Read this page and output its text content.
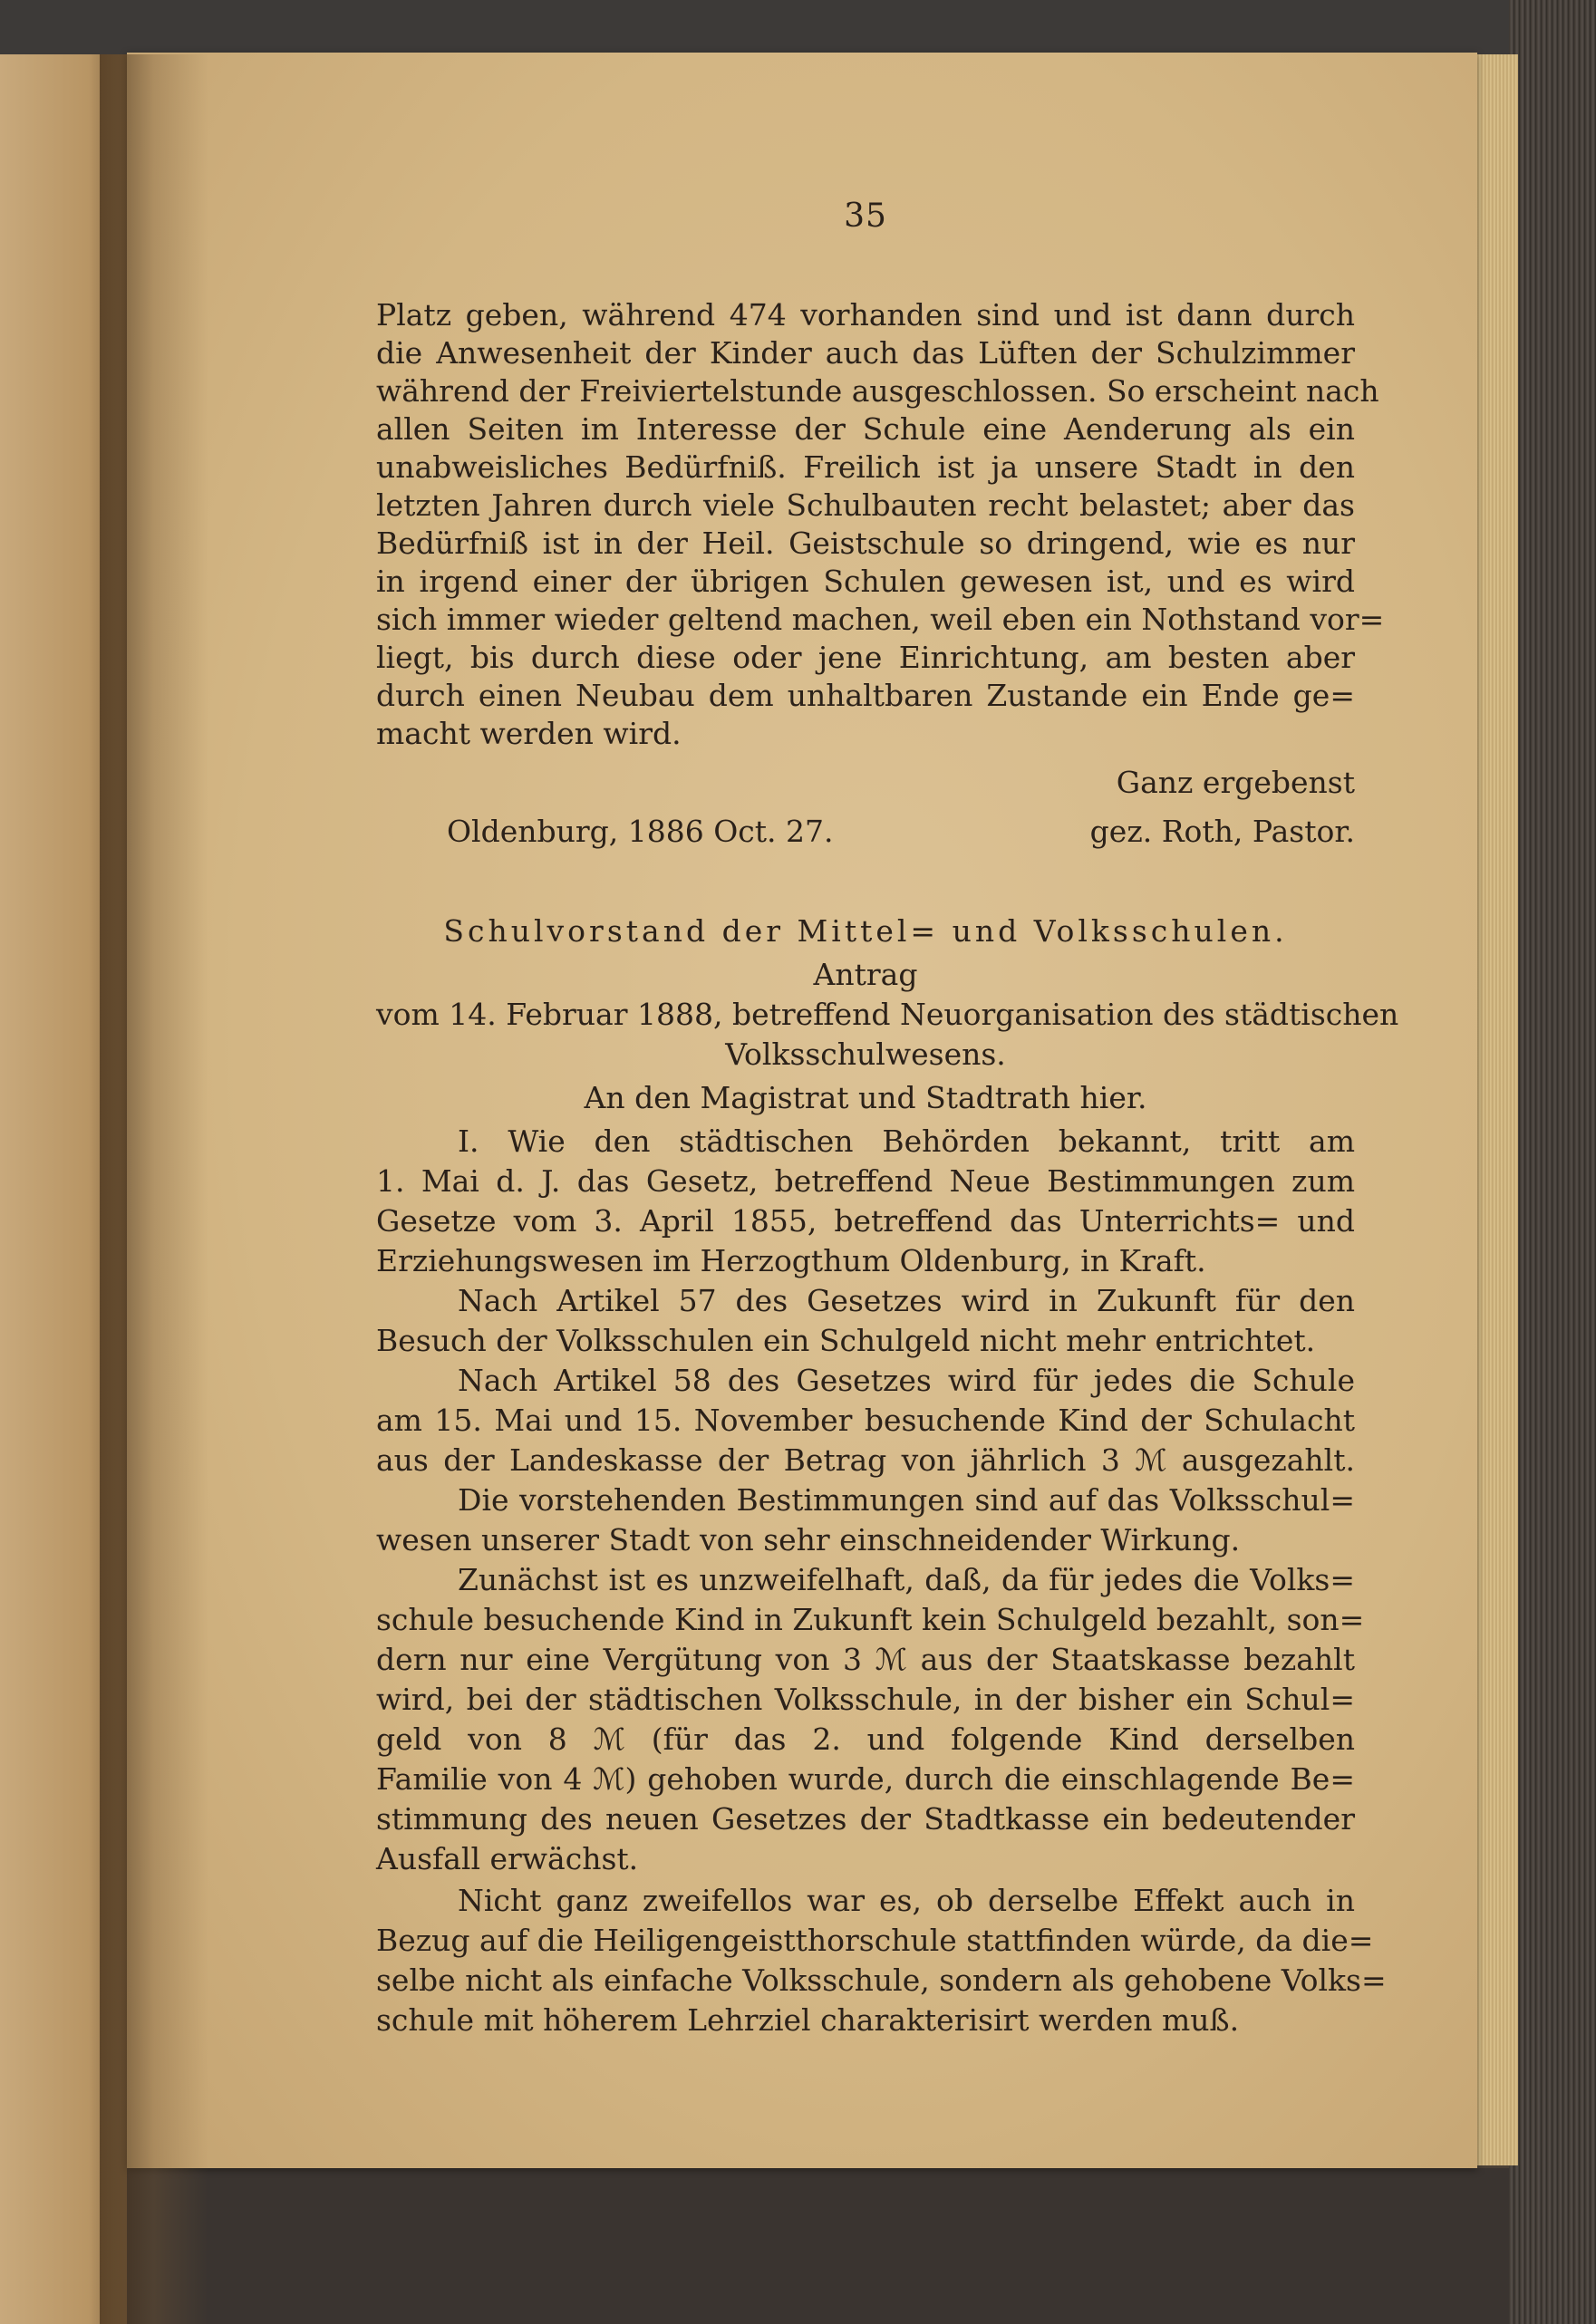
35
Platz geben, während 474 vorhanden sind und ist dann durch
die Anwesenheit der Kinder auch das Lüften der Schulzimmer
während der Freiviertelstunde ausgeschlossen. So erscheint nach
allen Seiten im Interesse der Schule eine Aenderung als ein
unabweisliches Bedürfniß. Freilich ist ja unsere Stadt in den
letzten Jahren durch viele Schulbauten recht belastet; aber das
Bedürfniß ist in der Heil. Geistschule so dringend, wie es nur
in irgend einer der übrigen Schulen gewesen ist, und es wird
sich immer wieder geltend machen, weil eben ein Nothstand vor=
liegt, bis durch diese oder jene Einrichtung, am besten aber
durch einen Neubau dem unhaltbaren Zustande ein Ende ge=
macht werden wird.
Ganz ergebenst
Oldenburg, 1886 Oct. 27.	gez. Roth, Pastor.
Schulvorstand der Mittel= und Volksschulen.
Antrag
vom 14. Februar 1888, betreffend Neuorganisation des städtischen
Volksschulwesens.
An den Magistrat und Stadtrath hier.
I. Wie den städtischen Behörden bekannt, tritt am
1. Mai d. J. das Gesetz, betreffend Neue Bestimmungen zum
Gesetze vom 3. April 1855, betreffend das Unterrichts= und
Erziehungswesen im Herzogthum Oldenburg, in Kraft.
Nach Artikel 57 des Gesetzes wird in Zukunft für den
Besuch der Volksschulen ein Schulgeld nicht mehr entrichtet.
Nach Artikel 58 des Gesetzes wird für jedes die Schule
am 15. Mai und 15. November besuchende Kind der Schulacht
aus der Landeskasse der Betrag von jährlich 3 ℳ ausgezahlt.
Die vorstehenden Bestimmungen sind auf das Volksschul=
wesen unserer Stadt von sehr einschneidender Wirkung.
Zunächst ist es unzweifelhaft, daß, da für jedes die Volks=
schule besuchende Kind in Zukunft kein Schulgeld bezahlt, son=
dern nur eine Vergütung von 3 ℳ aus der Staatskasse bezahlt
wird, bei der städtischen Volksschule, in der bisher ein Schul=
geld von 8 ℳ (für das 2. und folgende Kind derselben
Familie von 4 ℳ) gehoben wurde, durch die einschlagende Be=
stimmung des neuen Gesetzes der Stadtkasse ein bedeutender
Ausfall erwächst.
Nicht ganz zweifellos war es, ob derselbe Effekt auch in
Bezug auf die Heiligengeistthorschule stattfinden würde, da die=
selbe nicht als einfache Volksschule, sondern als gehobene Volks=
schule mit höherem Lehrziel charakterisirt werden muß.
